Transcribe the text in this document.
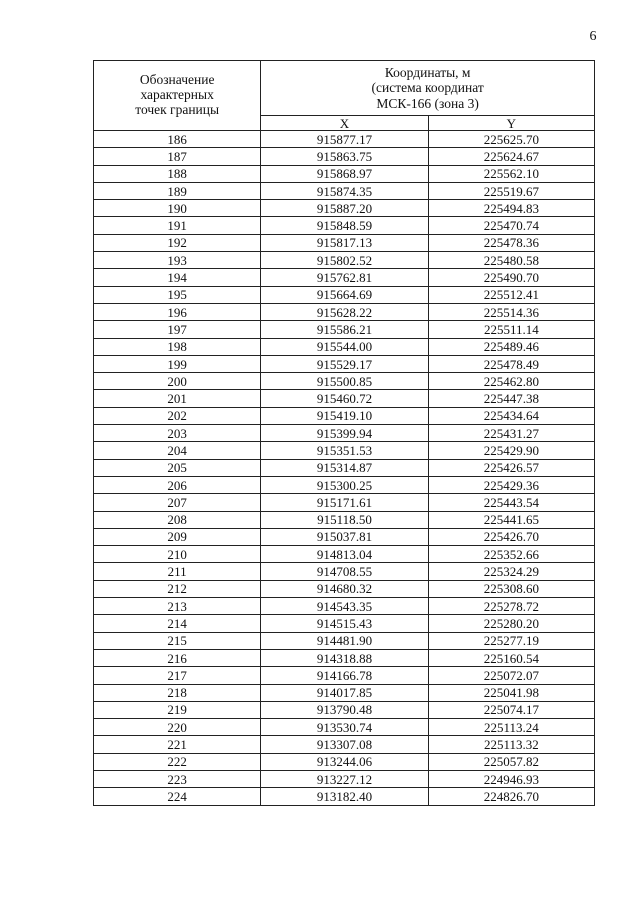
6
Обозначение
характерных
точек границы	Координаты, м
(система координат
МСК-166 (зона 3)	

	X	Y
186	915877.17	225625.70
187	915863.75	225624.67
188	915868.97	225562.10
189	915874.35	225519.67
190	915887.20	225494.83
191	915848.59	225470.74
192	915817.13	225478.36
193	915802.52	225480.58
194	915762.81	225490.70
195	915664.69	225512.41
196	915628.22	225514.36
197	915586.21	225511.14
198	915544.00	225489.46
199	915529.17	225478.49
200	915500.85	225462.80
201	915460.72	225447.38
202	915419.10	225434.64
203	915399.94	225431.27
204	915351.53	225429.90
205	915314.87	225426.57
206	915300.25	225429.36
207	915171.61	225443.54
208	915118.50	225441.65
209	915037.81	225426.70
210	914813.04	225352.66
211	914708.55	225324.29
212	914680.32	225308.60
213	914543.35	225278.72
214	914515.43	225280.20
215	914481.90	225277.19
216	914318.88	225160.54
217	914166.78	225072.07
218	914017.85	225041.98
219	913790.48	225074.17
220	913530.74	225113.24
221	913307.08	225113.32
222	913244.06	225057.82
223	913227.12	224946.93
224	913182.40	224826.70
